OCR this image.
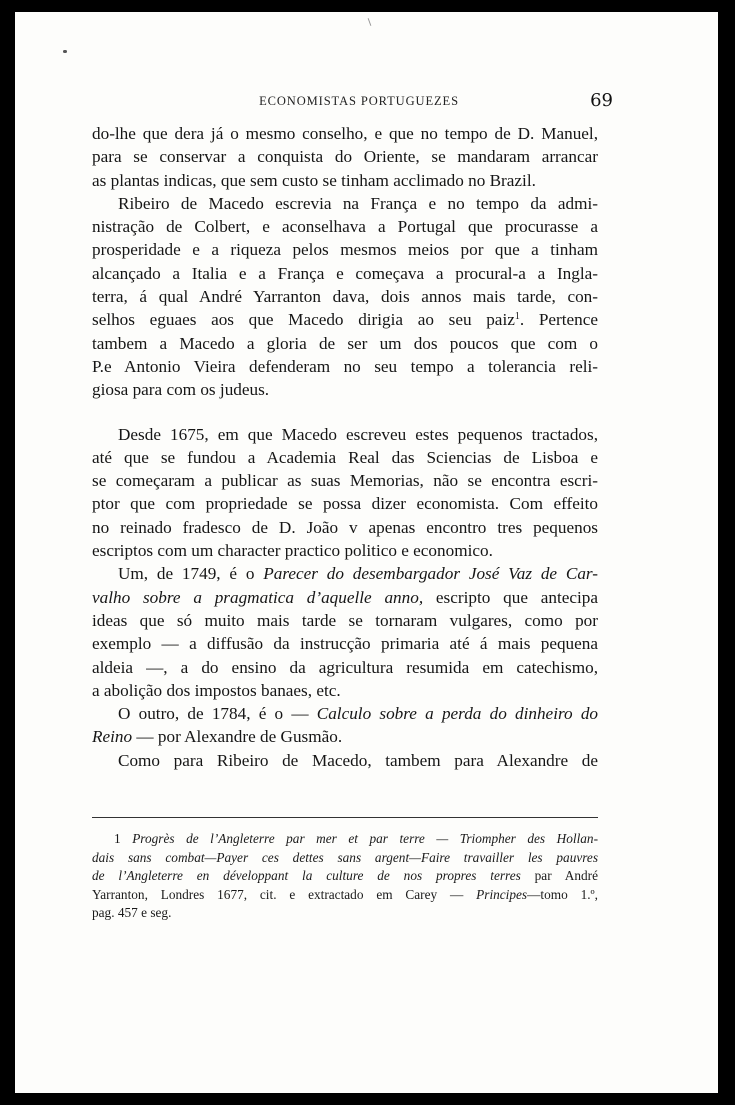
ECONOMISTAS PORTUGUEZES	69
do-lhe que dera já o mesmo conselho, e que no tempo de D. Manuel,
para se conservar a conquista do Oriente, se mandaram arrancar
as plantas indicas, que sem custo se tinham acclimado no Brazil.
Ribeiro de Macedo escrevia na França e no tempo da admi-
nistração de Colbert, e aconselhava a Portugal que procurasse a
prosperidade e a riqueza pelos mesmos meios por que a tinham
alcançado a Italia e a França e começava a procural-a a Ingla-
terra, á qual André Yarranton dava, dois annos mais tarde, con-
selhos eguaes aos que Macedo dirigia ao seu paiz$^1$. Pertence
tambem a Macedo a gloria de ser um dos poucos que com o
P.e Antonio Vieira defenderam no seu tempo a tolerancia reli-
giosa para com os judeus.
Desde 1675, em que Macedo escreveu estes pequenos tractados,
até que se fundou a Academia Real das Sciencias de Lisboa e
se começaram a publicar as suas Memorias, não se encontra escri-
ptor que com propriedade se possa dizer economista. Com effeito
no reinado fradesco de D. João v apenas encontro tres pequenos
escriptos com um character practico politico e economico.
Um, de 1749, é o Parecer do desembargador José Vaz de Car-
valho sobre a pragmatica d’aquelle anno, escripto que antecipa
ideas que só muito mais tarde se tornaram vulgares, como por
exemplo — a diffusão da instrucção primaria até á mais pequena
aldeia —, a do ensino da agricultura resumida em catechismo,
a abolição dos impostos banaes, etc.
O outro, de 1784, é o — Calculo sobre a perda do dinheiro do
Reino — por Alexandre de Gusmão.
Como para Ribeiro de Macedo, tambem para Alexandre de
1 Progrès de l’Angleterre par mer et par terre — Triompher des Hollan-
dais sans combat—Payer ces dettes sans argent—Faire travailler les pauvres
de l’Angleterre en développant la culture de nos propres terres par André
Yarranton, Londres 1677, cit. e extractado em Carey — Principes—tomo 1.º,
pag. 457 e seg.
